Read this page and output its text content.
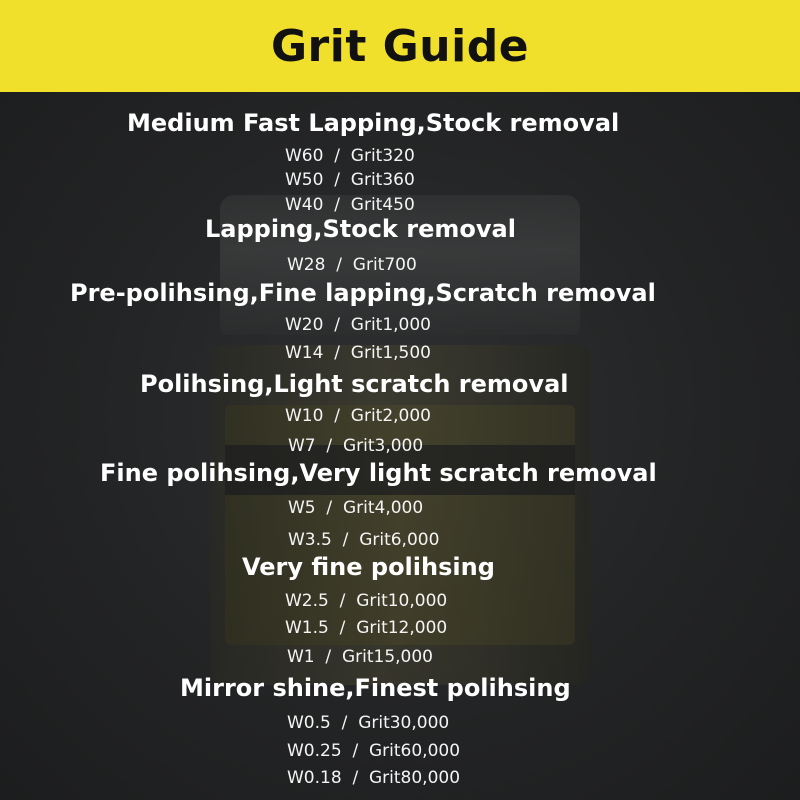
Grit Guide
Medium Fast Lapping,Stock removal
W60  /  Grit320
W50  /  Grit360
W40  /  Grit450
Lapping,Stock removal
W28  /  Grit700
Pre-polihsing,Fine lapping,Scratch removal
W20  /  Grit1,000
W14  /  Grit1,500
Polihsing,Light scratch removal
W10  /  Grit2,000
W7  /  Grit3,000
Fine polihsing,Very light scratch removal
W5  /  Grit4,000
W3.5  /  Grit6,000
Very fine polihsing
W2.5  /  Grit10,000
W1.5  /  Grit12,000
W1  /  Grit15,000
Mirror shine,Finest polihsing
W0.5  /  Grit30,000
W0.25  /  Grit60,000
W0.18  /  Grit80,000
